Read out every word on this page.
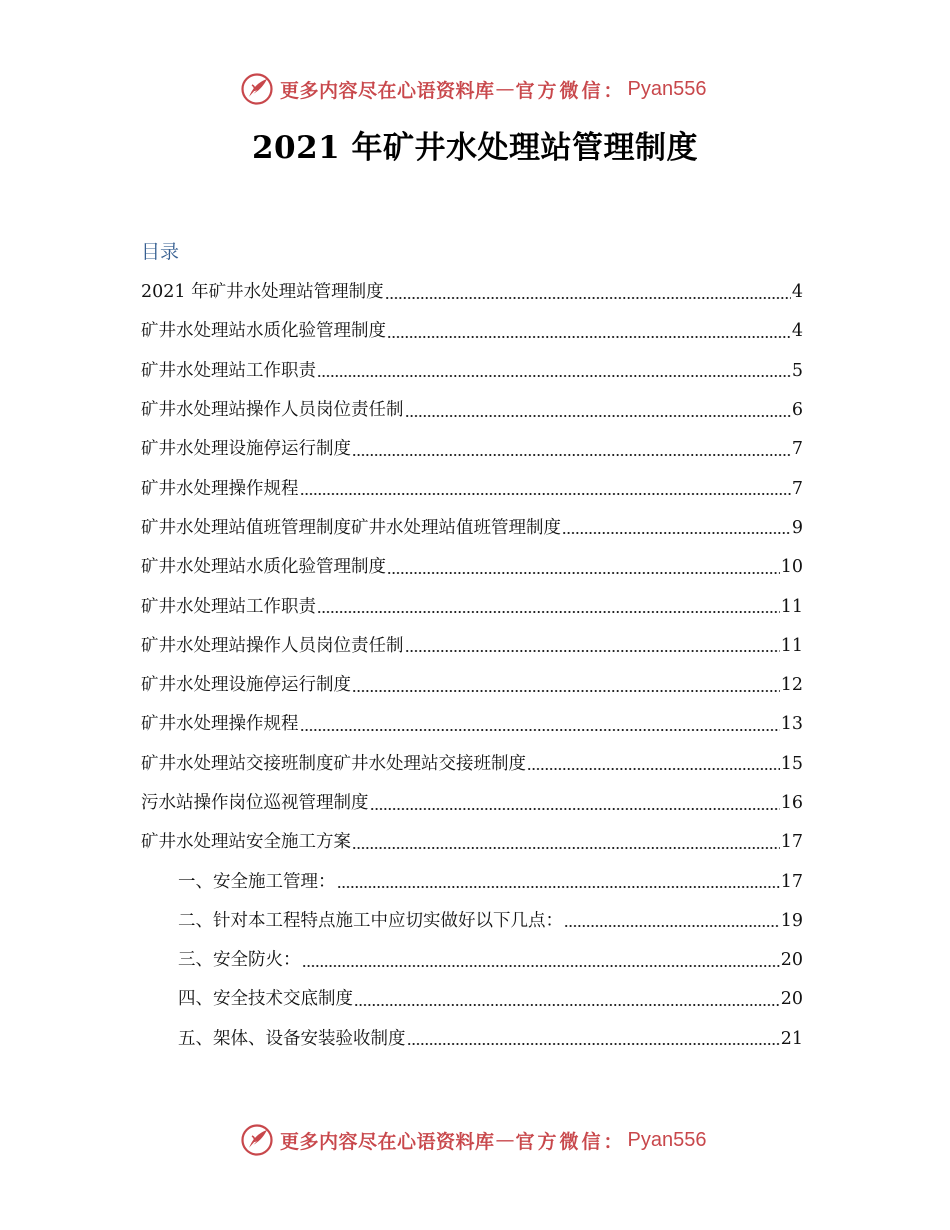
更多内容尽在心语资料库 — 官方微信： Pyan556
2021 年矿井水处理站管理制度
目录
2021 年矿井水处理站管理制度	4
矿井水处理站水质化验管理制度	4
矿井水处理站工作职责	5
矿井水处理站操作人员岗位责任制	6
矿井水处理设施停运行制度	7
矿井水处理操作规程	7
矿井水处理站值班管理制度矿井水处理站值班管理制度	9
矿井水处理站水质化验管理制度	10
矿井水处理站工作职责	11
矿井水处理站操作人员岗位责任制	11
矿井水处理设施停运行制度	12
矿井水处理操作规程	13
矿井水处理站交接班制度矿井水处理站交接班制度	15
污水站操作岗位巡视管理制度	16
矿井水处理站安全施工方案	17
一、安全施工管理：	17
二、针对本工程特点施工中应切实做好以下几点：	19
三、安全防火：	20
四、安全技术交底制度	20
五、架体、设备安装验收制度	21
更多内容尽在心语资料库 — 官方微信： Pyan556
